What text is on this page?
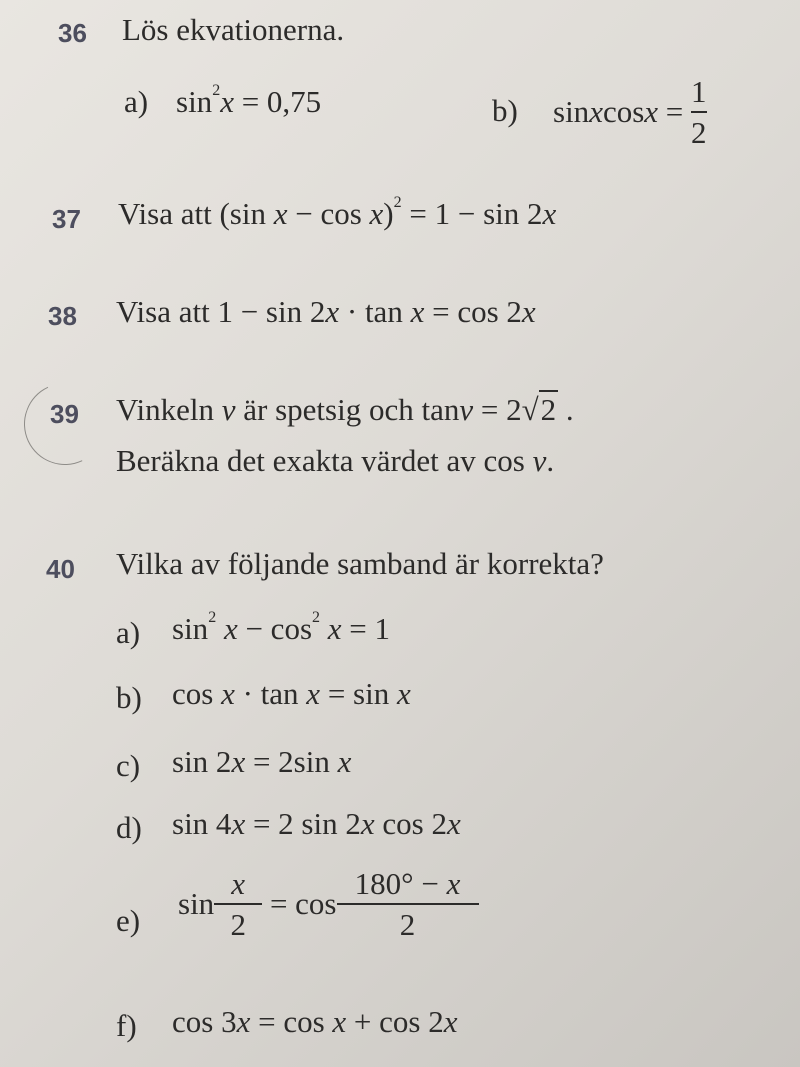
36 Lös ekvationerna.
a) $\sin^2x = 0,75$	b) sinxcosx = $\frac{1}{2}$
37 Visa att (sin x − cos x)$^2$ = 1 − sin 2x
38 Visa att 1 − sin 2x · tan x = cos 2x
39 Vinkeln v är spetsig och tanv = 2√2 .
Beräkna det exakta värdet av cos v.
40 Vilka av följande samband är korrekta?
a) $\sin^2 x - \cos^2 x = 1$
b) cos x · tan x = sin x
c) sin 2x = 2sin x
d) sin 4x = 2 sin 2x cos 2x
e) $\sin \frac{x}{2} = \cos \frac{180^\circ - x}{2}$
f) cos 3x = cos x + cos 2x
